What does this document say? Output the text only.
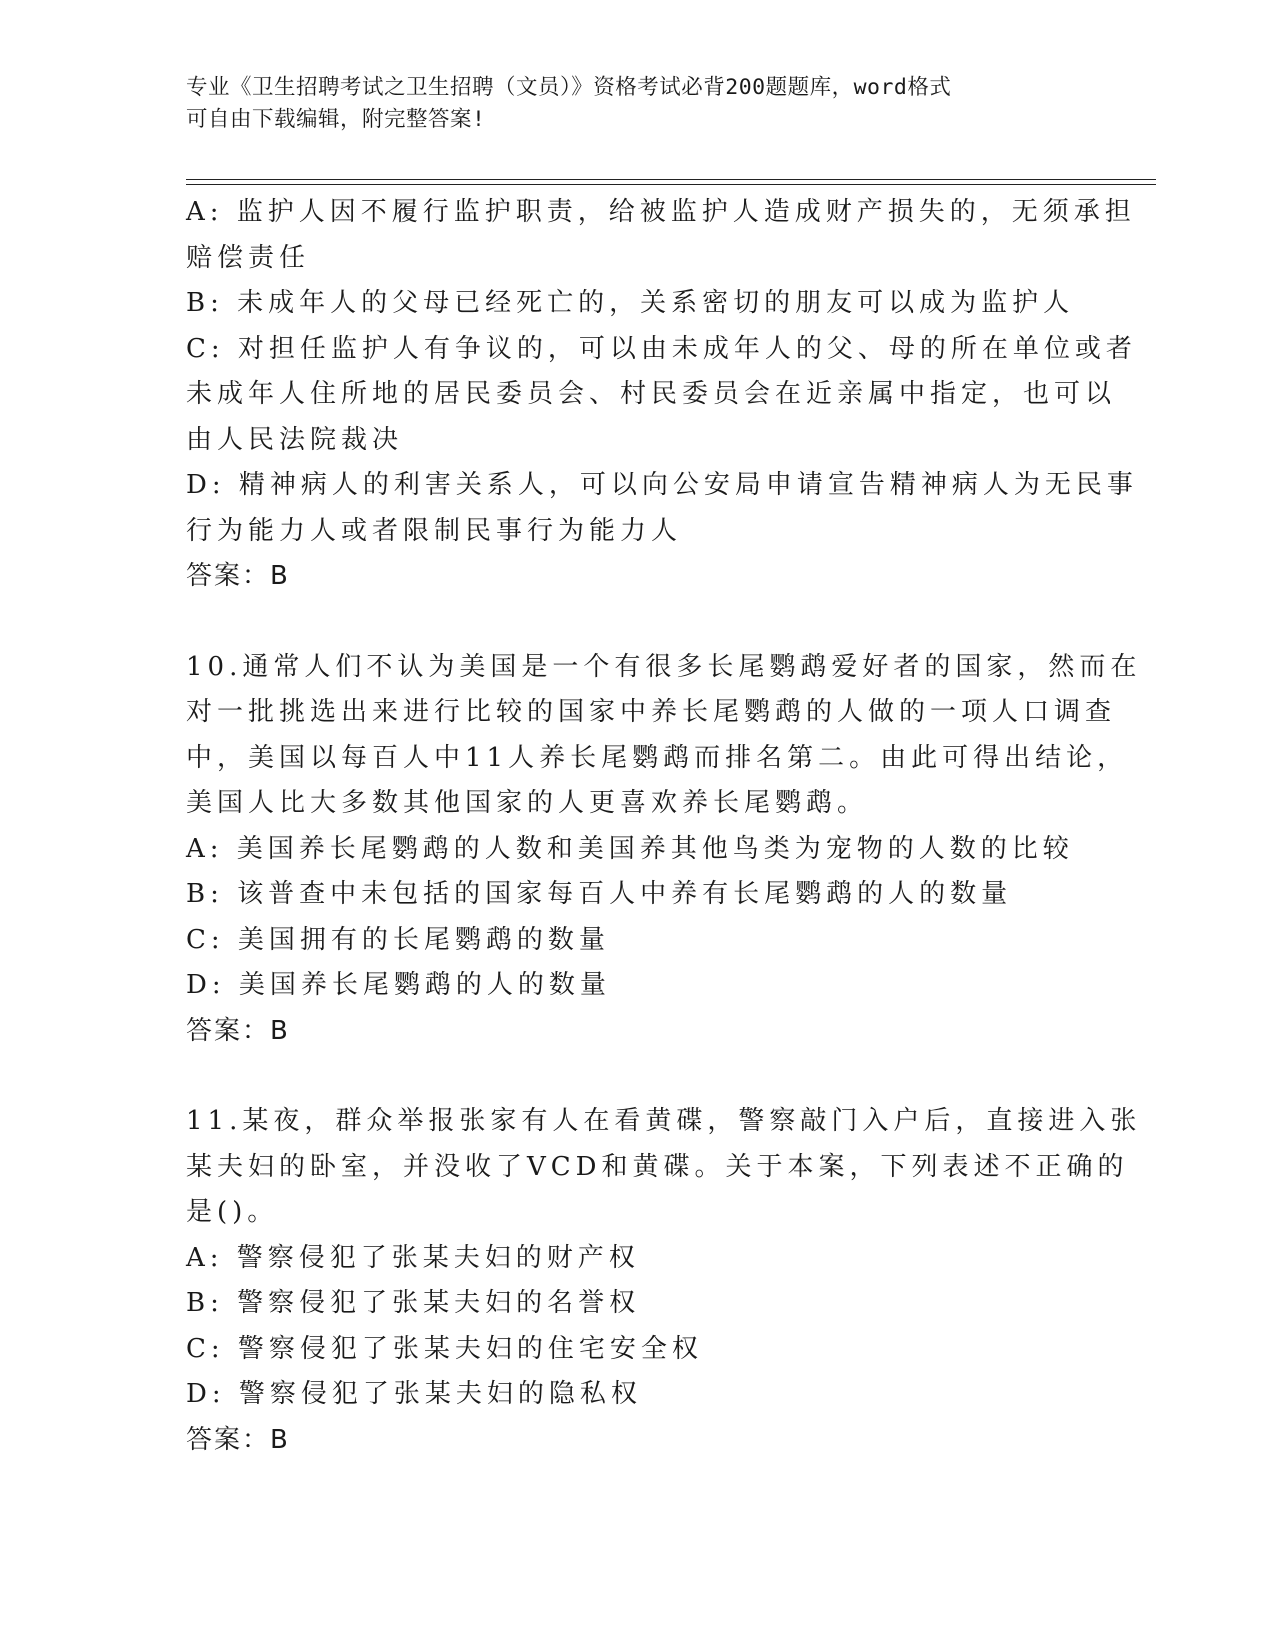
专业《卫生招聘考试之卫生招聘（文员）》资格考试必背200题题库，word格式
可自由下载编辑，附完整答案!
A: 监护人因不履行监护职责，给被监护人造成财产损失的，无须承担
赔偿责任
B: 未成年人的父母已经死亡的，关系密切的朋友可以成为监护人
C: 对担任监护人有争议的，可以由未成年人的父、母的所在单位或者
未成年人住所地的居民委员会、村民委员会在近亲属中指定，也可以
由人民法院裁决
D: 精神病人的利害关系人，可以向公安局申请宣告精神病人为无民事
行为能力人或者限制民事行为能力人
答案：B
10.通常人们不认为美国是一个有很多长尾鹦鹉爱好者的国家，然而在
对一批挑选出来进行比较的国家中养长尾鹦鹉的人做的一项人口调查
中，美国以每百人中11人养长尾鹦鹉而排名第二。由此可得出结论，
美国人比大多数其他国家的人更喜欢养长尾鹦鹉。
A: 美国养长尾鹦鹉的人数和美国养其他鸟类为宠物的人数的比较
B: 该普查中未包括的国家每百人中养有长尾鹦鹉的人的数量
C: 美国拥有的长尾鹦鹉的数量
D: 美国养长尾鹦鹉的人的数量
答案：B
11.某夜，群众举报张家有人在看黄碟，警察敲门入户后，直接进入张
某夫妇的卧室，并没收了VCD和黄碟。关于本案，下列表述不正确的
是()。
A: 警察侵犯了张某夫妇的财产权
B: 警察侵犯了张某夫妇的名誉权
C: 警察侵犯了张某夫妇的住宅安全权
D: 警察侵犯了张某夫妇的隐私权
答案：B
